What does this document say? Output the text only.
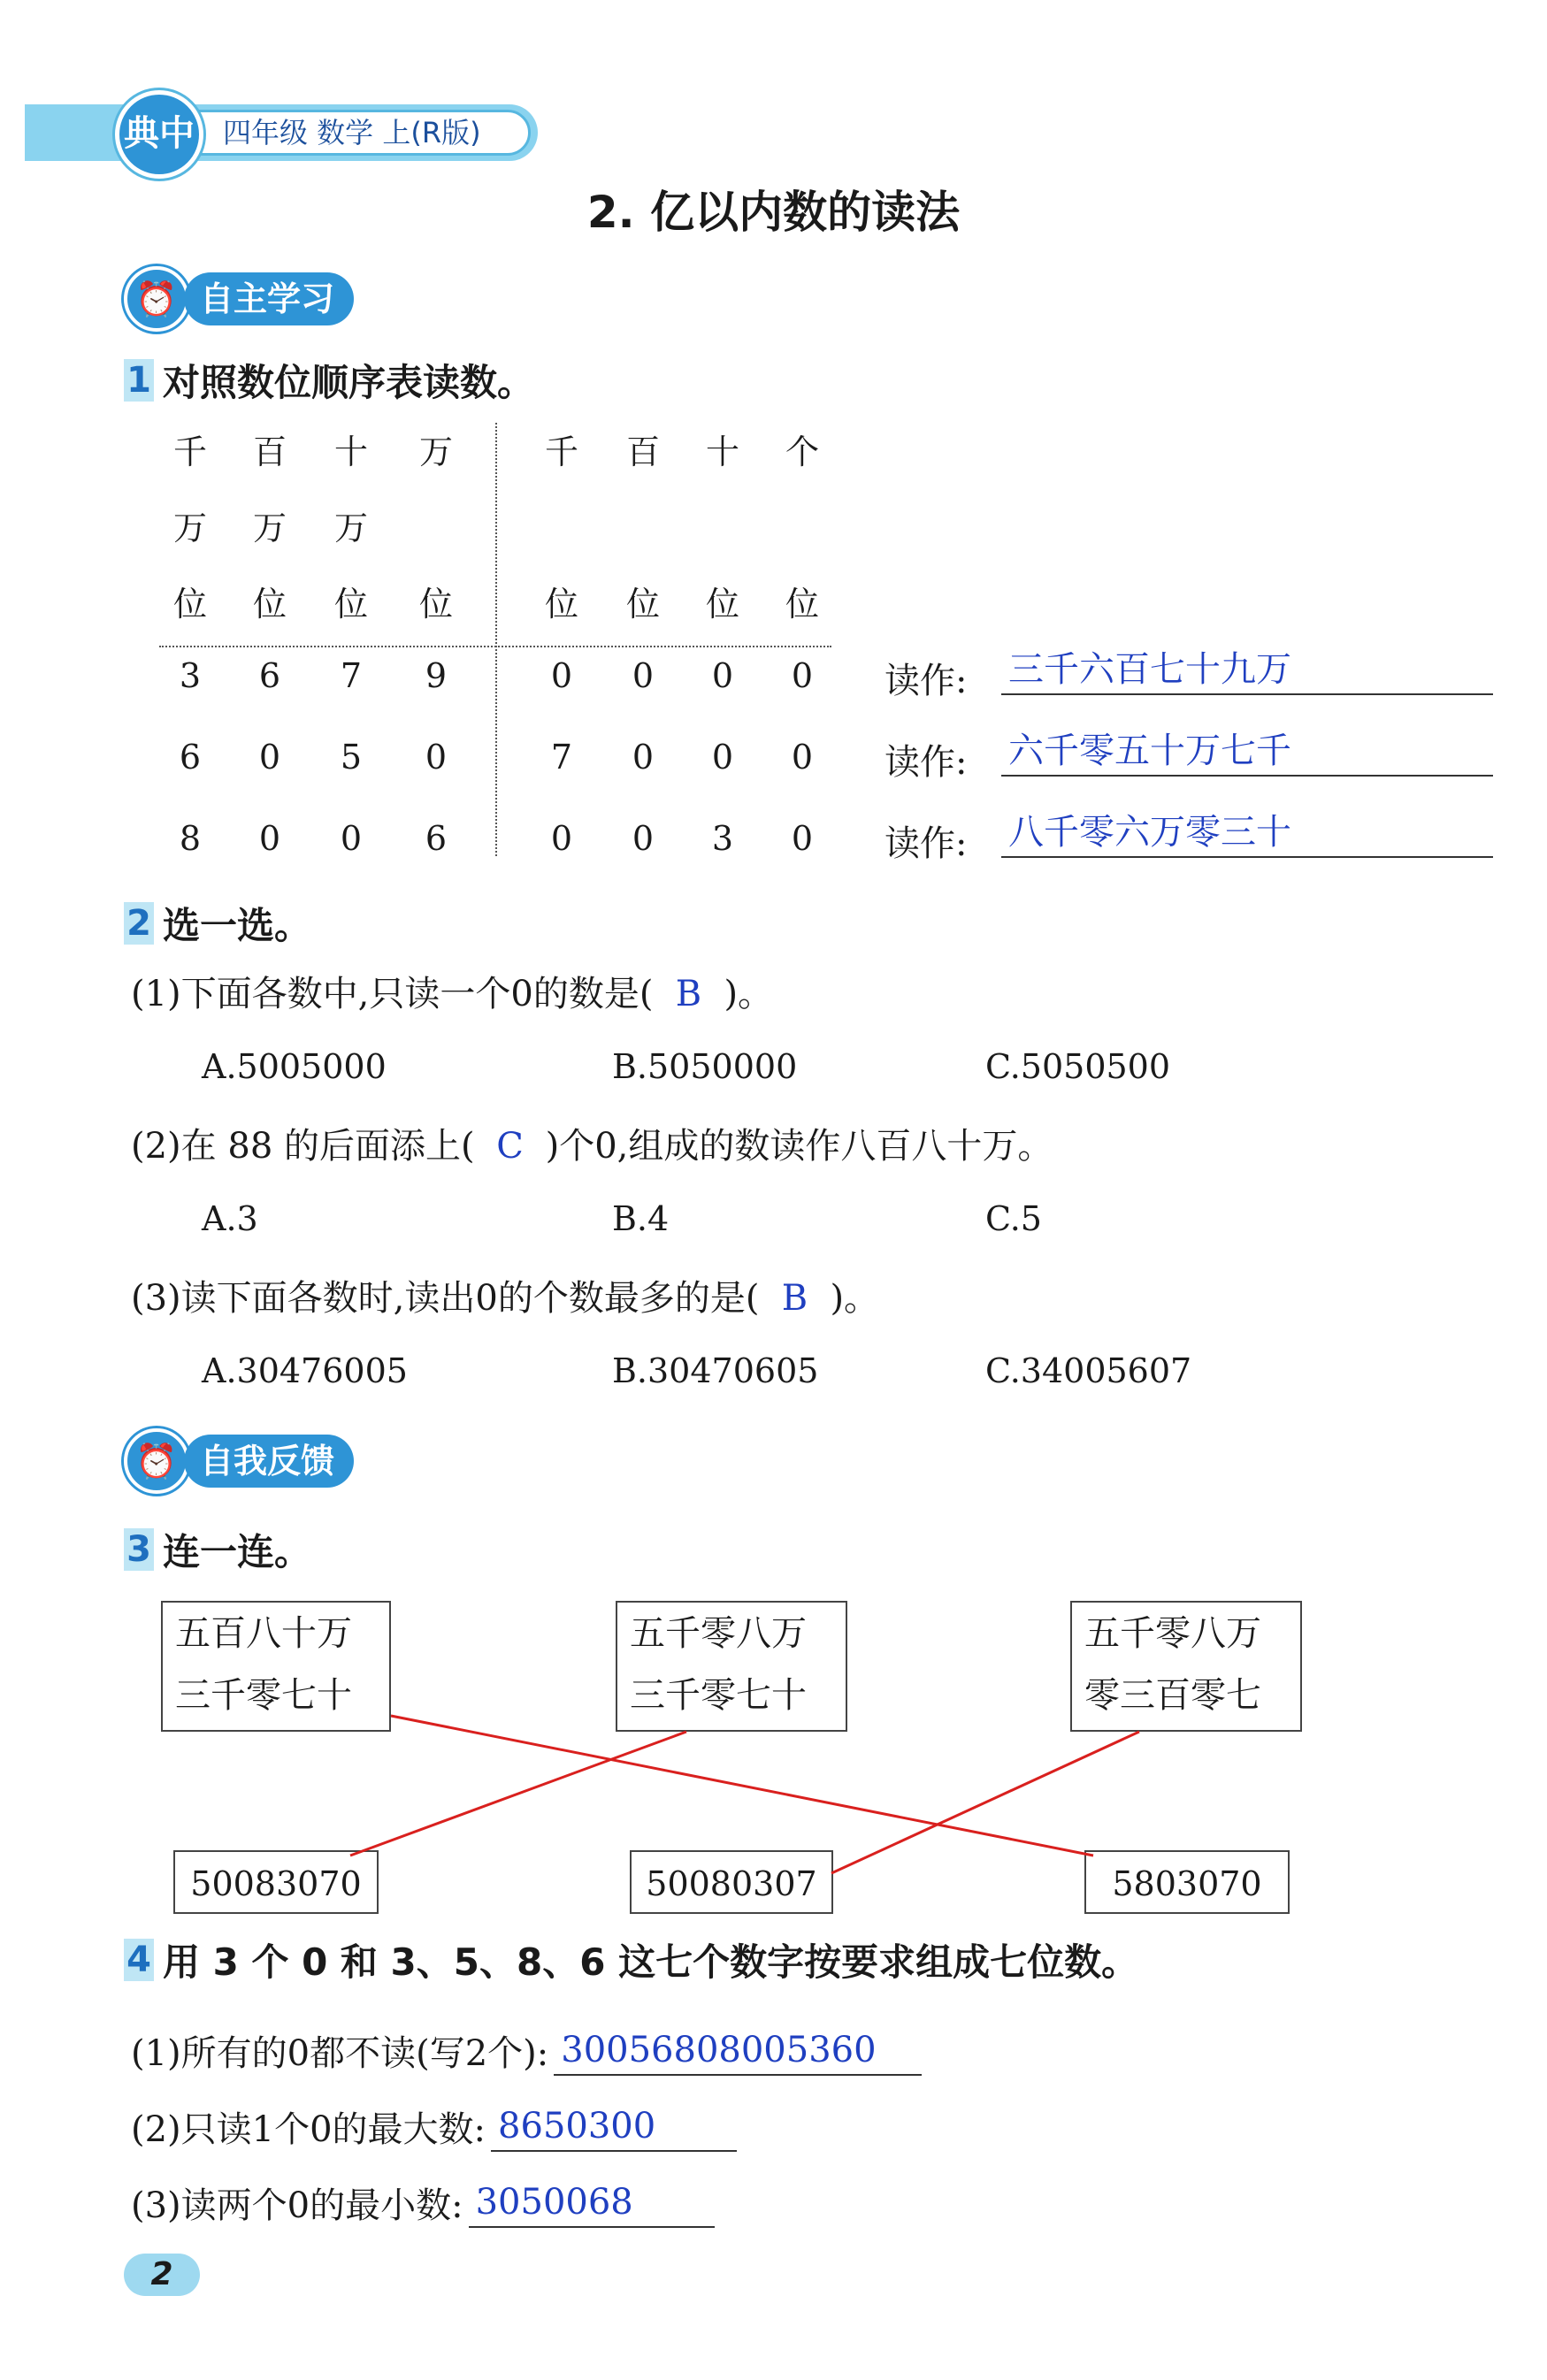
典中	四年级 数学 上(R版)
2. 亿以内数的读法
⏰ 自主学习
1 对照数位顺序表读数。
千	百	十	万	千	百	十	个
万	万	万
位	位	位	位	位	位	位	位
3	6	7	9	0	0	0	0	读作: 三千六百七十九万
6	0	5	0	7	0	0	0	读作: 六千零五十万七千
8	0	0	6	0	0	3	0	读作: 八千零六万零三十
2 选一选。
(1)下面各数中,只读一个0的数是( B )。
A.5005000	B.5050000	C.5050500
(2)在 88 的后面添上( C )个0,组成的数读作八百八十万。
A.3	B.4	C.5
(3)读下面各数时,读出0的个数最多的是( B )。
A.30476005	B.30470605	C.34005607
⏰ 自我反馈
3 连一连。
五百八十万
三千零七十
五千零八万
三千零七十
五千零八万
零三百零七
50083070	50080307	5803070
4 用 3 个 0 和 3、5、8、6 这七个数字按要求组成七位数。
(1)所有的0都不读(写2个): 30056808005360
(2)只读1个0的最大数: 8650300
(3)读两个0的最小数: 3050068
2
